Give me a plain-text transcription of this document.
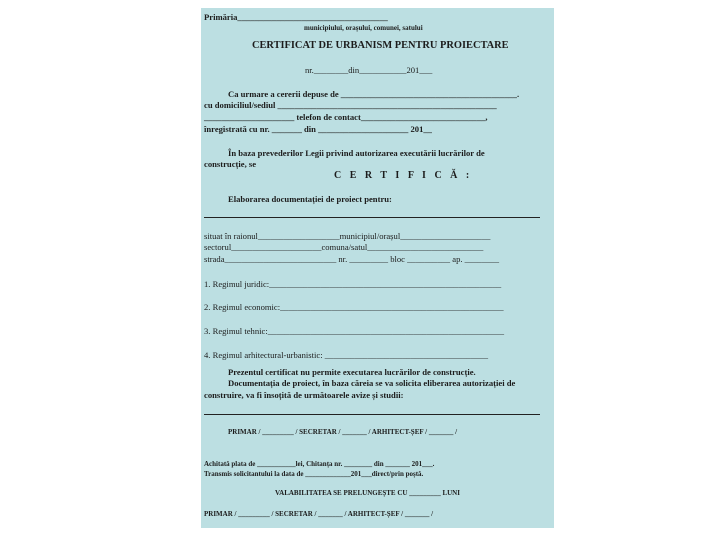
Primăria___________________________________
municipiului, orașului, comunei, satului
CERTIFICAT DE URBANISM PENTRU PROIECTARE
nr.________din___________201___
Ca urmare a cererii depuse de _________________________________________.
cu domiciliul/sediul ___________________________________________________
_____________________ telefon de contact_____________________________,
înregistrată cu nr. _______ din _____________________ 201__
În baza prevederilor Legii privind autorizarea executării lucrărilor de
construcție, se
C E R T I F I C Ă :
Elaborarea documentației de proiect pentru:
situat în raionul___________________municipiul/orașul_____________________
sectorul_____________________comuna/satul___________________________
strada__________________________ nr. _________ bloc __________ ap. ________
1. Regimul juridic:______________________________________________________
2. Regimul economic:____________________________________________________
3. Regimul tehnic:_______________________________________________________
4. Regimul arhitectural-urbanistic: ______________________________________
Prezentul certificat nu permite executarea lucrărilor de construcție.
Documentația de proiect, în baza căreia se va solicita eliberarea autorizației de
construire, va fi însoțită de următoarele avize și studii:
PRIMAR / _________ / SECRETAR / _______ / ARHITECT-ȘEF / _______ /
Achitată plata de ___________lei, Chitanța nr. ________ din _______ 201___.
Transmis solicitantului la data de _____________201___direct/prin poștă.
VALABILITATEA SE PRELUNGEȘTE CU _________ LUNI
PRIMAR / _________ / SECRETAR / _______ / ARHITECT-ȘEF / _______ /
